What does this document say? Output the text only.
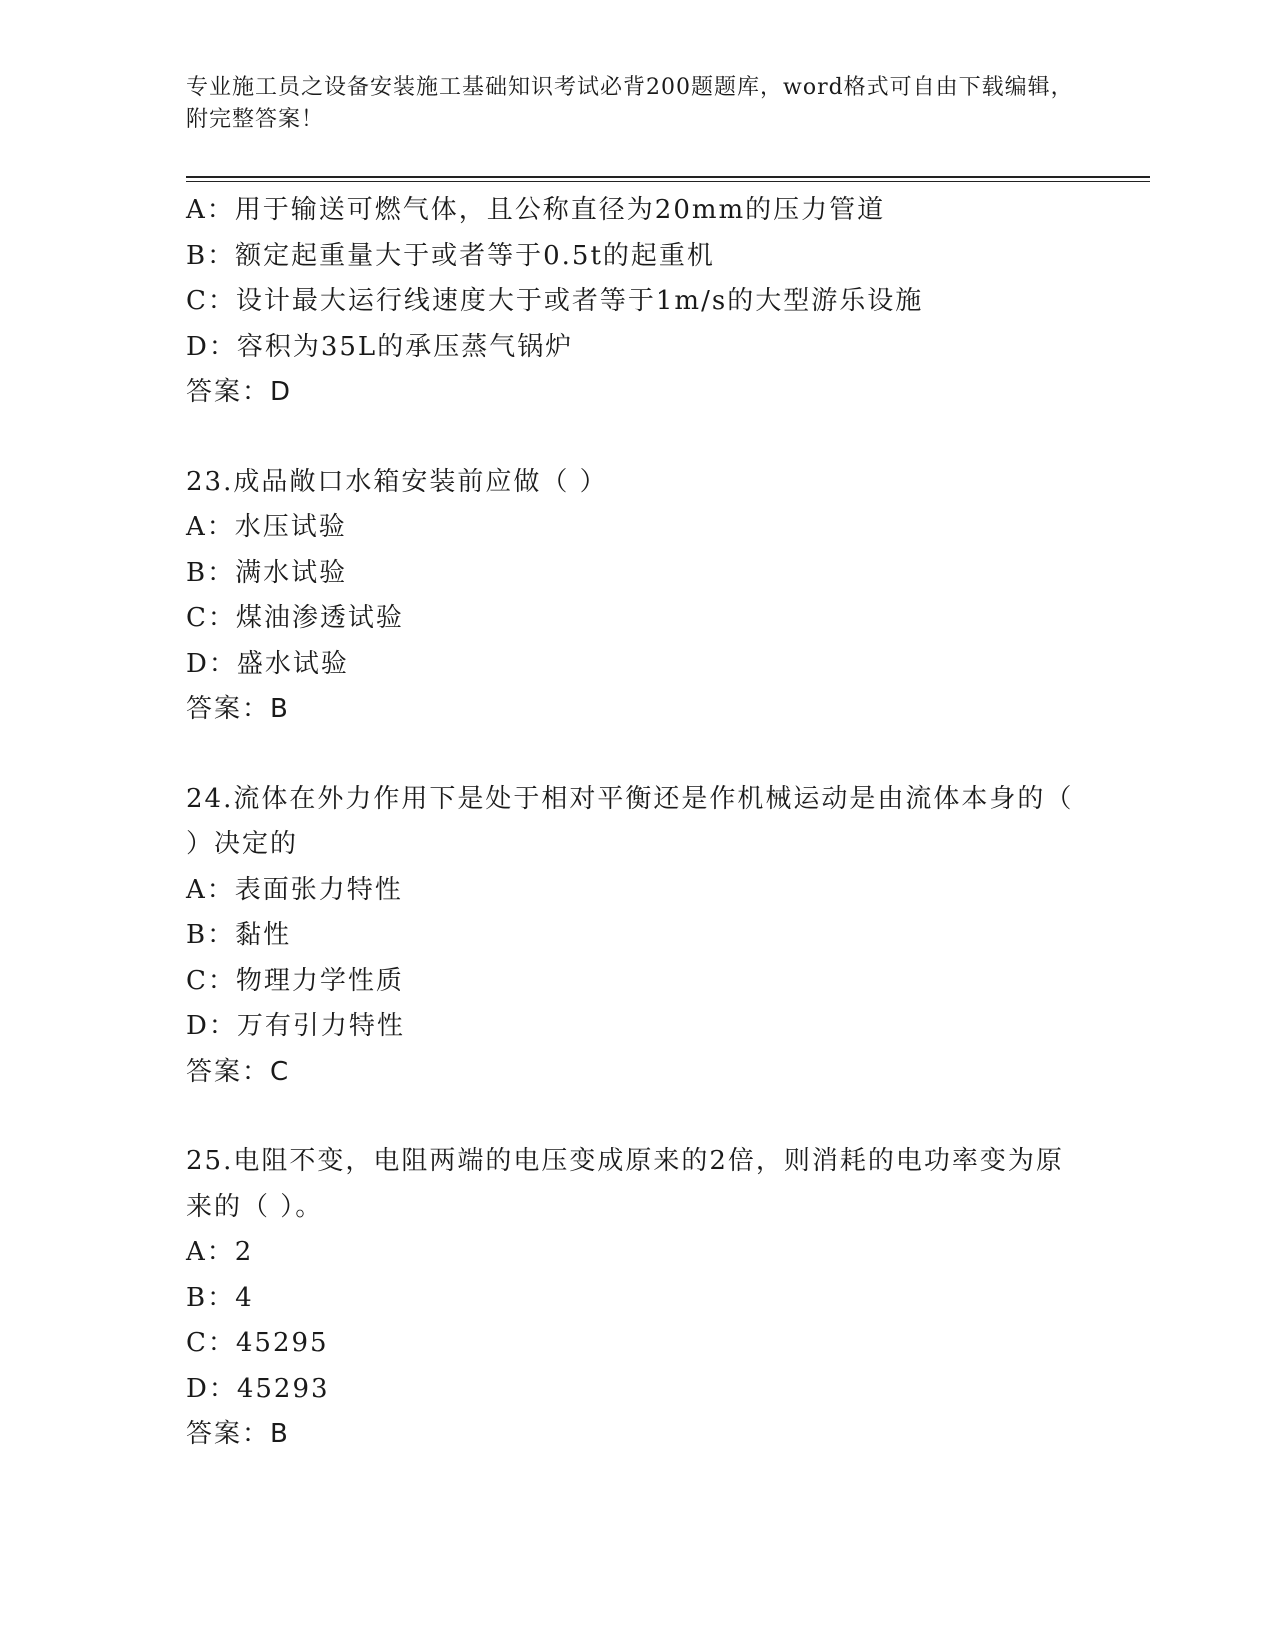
专业施工员之设备安装施工基础知识考试必背200题题库，word格式可自由下载编辑，附完整答案！
A：用于输送可燃气体，且公称直径为20mm的压力管道
B：额定起重量大于或者等于0.5t的起重机
C：设计最大运行线速度大于或者等于1m/s的大型游乐设施
D：容积为35L的承压蒸气锅炉
答案：D
23.成品敞口水箱安装前应做（ ）
A：水压试验
B：满水试验
C：煤油渗透试验
D：盛水试验
答案：B
24.流体在外力作用下是处于相对平衡还是作机械运动是由流体本身的（ ）决定的
A：表面张力特性
B：黏性
C：物理力学性质
D：万有引力特性
答案：C
25.电阻不变，电阻两端的电压变成原来的2倍，则消耗的电功率变为原来的（ ）。
A：2
B：4
C：45295
D：45293
答案：B
